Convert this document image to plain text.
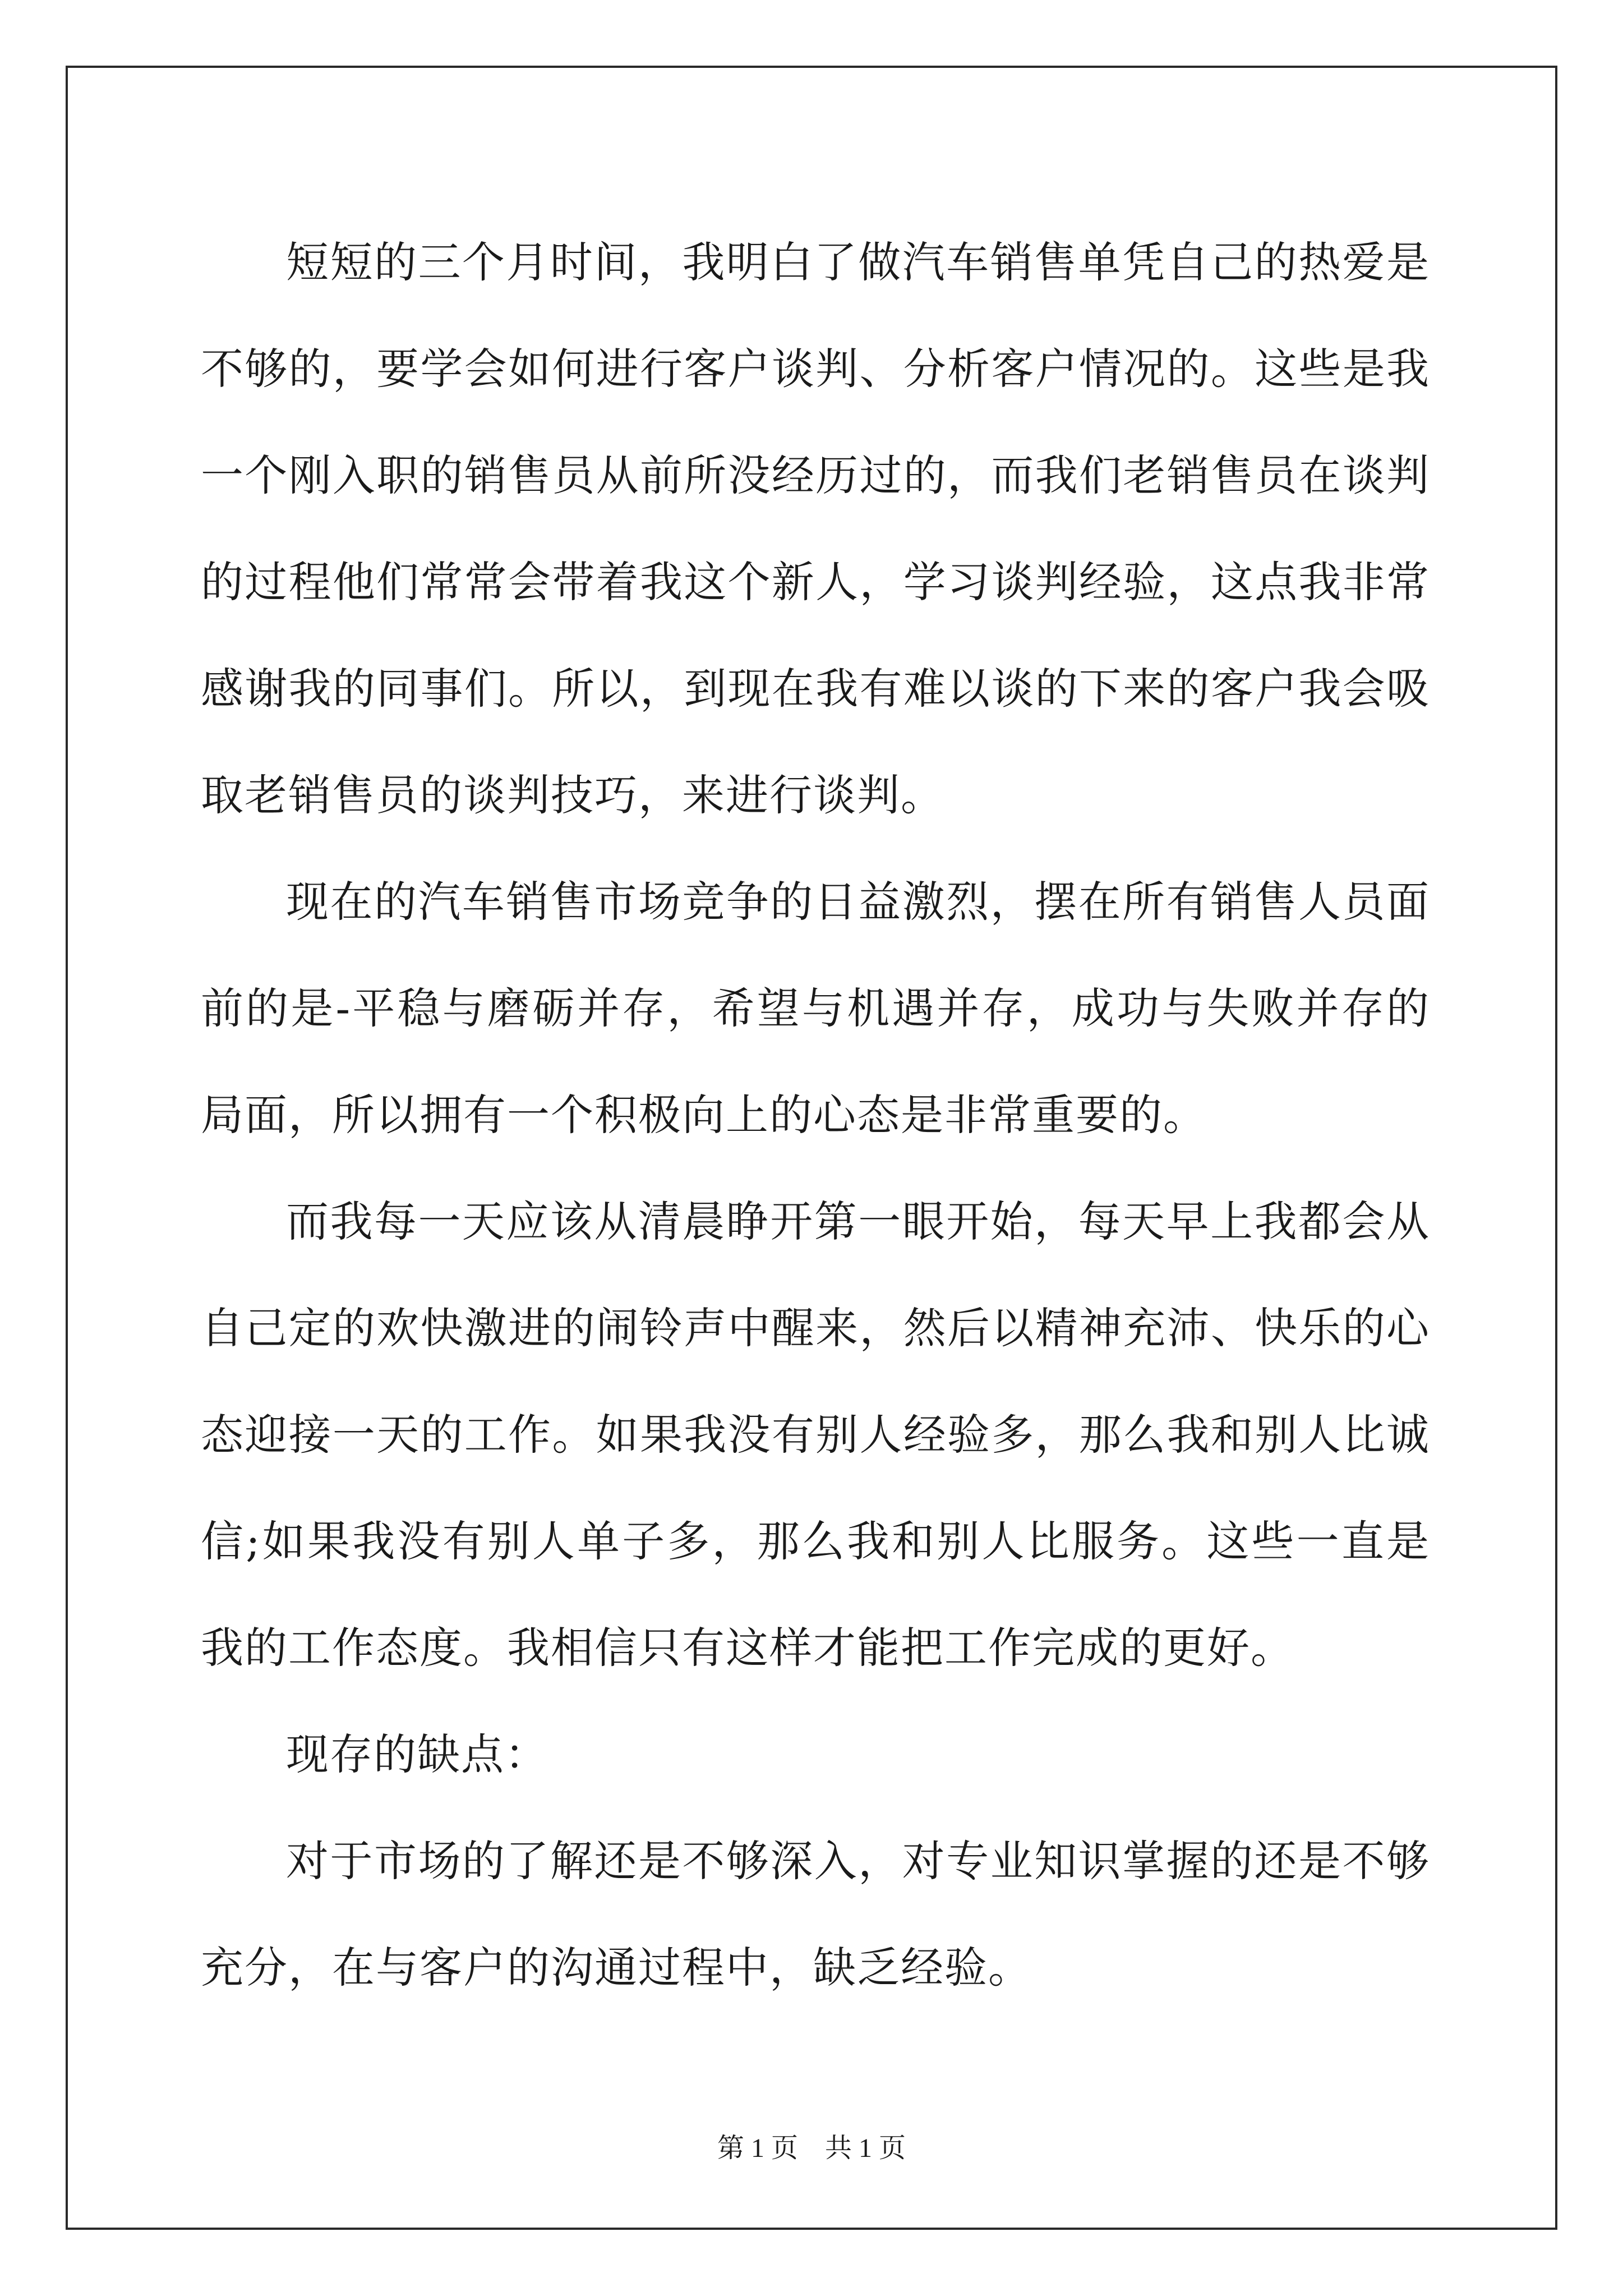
短短的三个月时间，我明白了做汽车销售单凭自己的热爱是不够的，要学会如何进行客户谈判、分析客户情况的。这些是我一个刚入职的销售员从前所没经历过的，而我们老销售员在谈判的过程他们常常会带着我这个新人，学习谈判经验，这点我非常感谢我的同事们。所以，到现在我有难以谈的下来的客户我会吸取老销售员的谈判技巧，来进行谈判。

现在的汽车销售市场竞争的日益激烈，摆在所有销售人员面前的是-平稳与磨砺并存，希望与机遇并存，成功与失败并存的局面，所以拥有一个积极向上的心态是非常重要的。

而我每一天应该从清晨睁开第一眼开始，每天早上我都会从自己定的欢快激进的闹铃声中醒来，然后以精神充沛、快乐的心态迎接一天的工作。如果我没有别人经验多，那么我和别人比诚信;如果我没有别人单子多，那么我和别人比服务。这些一直是我的工作态度。我相信只有这样才能把工作完成的更好。

现存的缺点：

对于市场的了解还是不够深入，对专业知识掌握的还是不够充分，在与客户的沟通过程中，缺乏经验。

第 1 页　共 1 页
